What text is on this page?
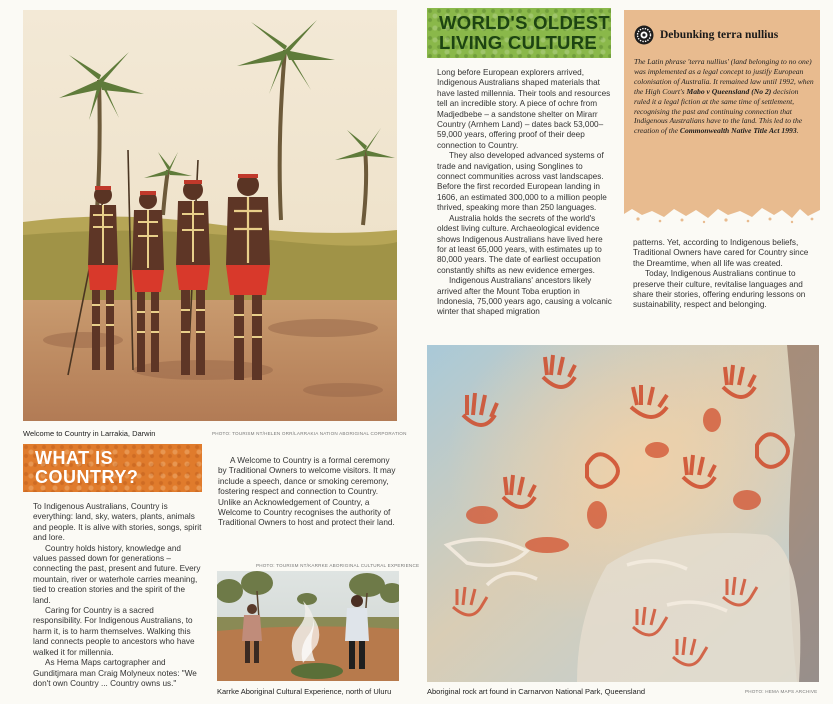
Welcome to Country in Larrakia, Darwin	PHOTO: TOURISM NT/HELEN ORR/LARRAKIA NATION ABORIGINAL CORPORATION
WORLD'S OLDEST
LIVING CULTURE

Long before European explorers arrived, Indigenous Australians shaped materials that have lasted millennia. Their tools and resources tell an incredible story. A piece of ochre from Madjedbebe – a sandstone shelter on Mirarr Country (Arnhem Land) – dates back 53,000–59,000 years, offering proof of their deep connection to Country.

They also developed advanced systems of trade and navigation, using Songlines to connect communities across vast landscapes. Before the first recorded European landing in 1606, an estimated 300,000 to a million people thrived, speaking more than 250 languages.

Australia holds the secrets of the world's oldest living culture. Archaeological evidence shows Indigenous Australians have lived here for at least 65,000 years, with estimates up to 80,000 years. The date of earliest occupation constantly shifts as new evidence emerges.

Indigenous Australians' ancestors likely arrived after the Mount Toba eruption in Indonesia, 75,000 years ago, causing a volcanic winter that shaped migration

patterns. Yet, according to Indigenous beliefs, Traditional Owners have cared for Country since the Dreamtime, when all life was created.

Today, Indigenous Australians continue to preserve their culture, revitalise languages and share their stories, offering enduring lessons on sustainability, respect and belonging.

Debunking terra nullius
The Latin phrase 'terra nullius' (land belonging to no one) was implemented as a legal concept to justify European colonisation of Australia. It remained law until 1992, when the High Court's Mabo v Queensland (No 2) decision ruled it a legal fiction at the same time of settlement, recognising the past and continuing connection that Indigenous Australians have to the land. This led to the creation of the Commonwealth Native Title Act 1993.
WHAT IS
COUNTRY?

To Indigenous Australians, Country is everything: land, sky, waters, plants, animals and people. It is alive with stories, songs, spirit and lore.

Country holds history, knowledge and values passed down for generations – connecting the past, present and future. Every mountain, river or waterhole carries meaning, tied to creation stories and the spirit of the land.

Caring for Country is a sacred responsibility. For Indigenous Australians, to harm it, is to harm themselves. Walking this land connects people to ancestors who have walked it for millennia.

As Hema Maps cartographer and Gunditjmara man Craig Molyneux notes: "We don't own Country ... Country owns us."

A Welcome to Country is a formal ceremony by Traditional Owners to welcome visitors. It may include a speech, dance or smoking ceremony, fostering respect and connection to Country. Unlike an Acknowledgement of Country, a Welcome to Country recognises the authority of Traditional Owners to host and protect their land.

PHOTO: TOURISM NT/KARRKE ABORIGINAL CULTURAL EXPERIENCE
Karrke Aboriginal Cultural Experience, north of Uluru	Aboriginal rock art found in Carnarvon National Park, Queensland	PHOTO: HEMA MAPS ARCHIVE
